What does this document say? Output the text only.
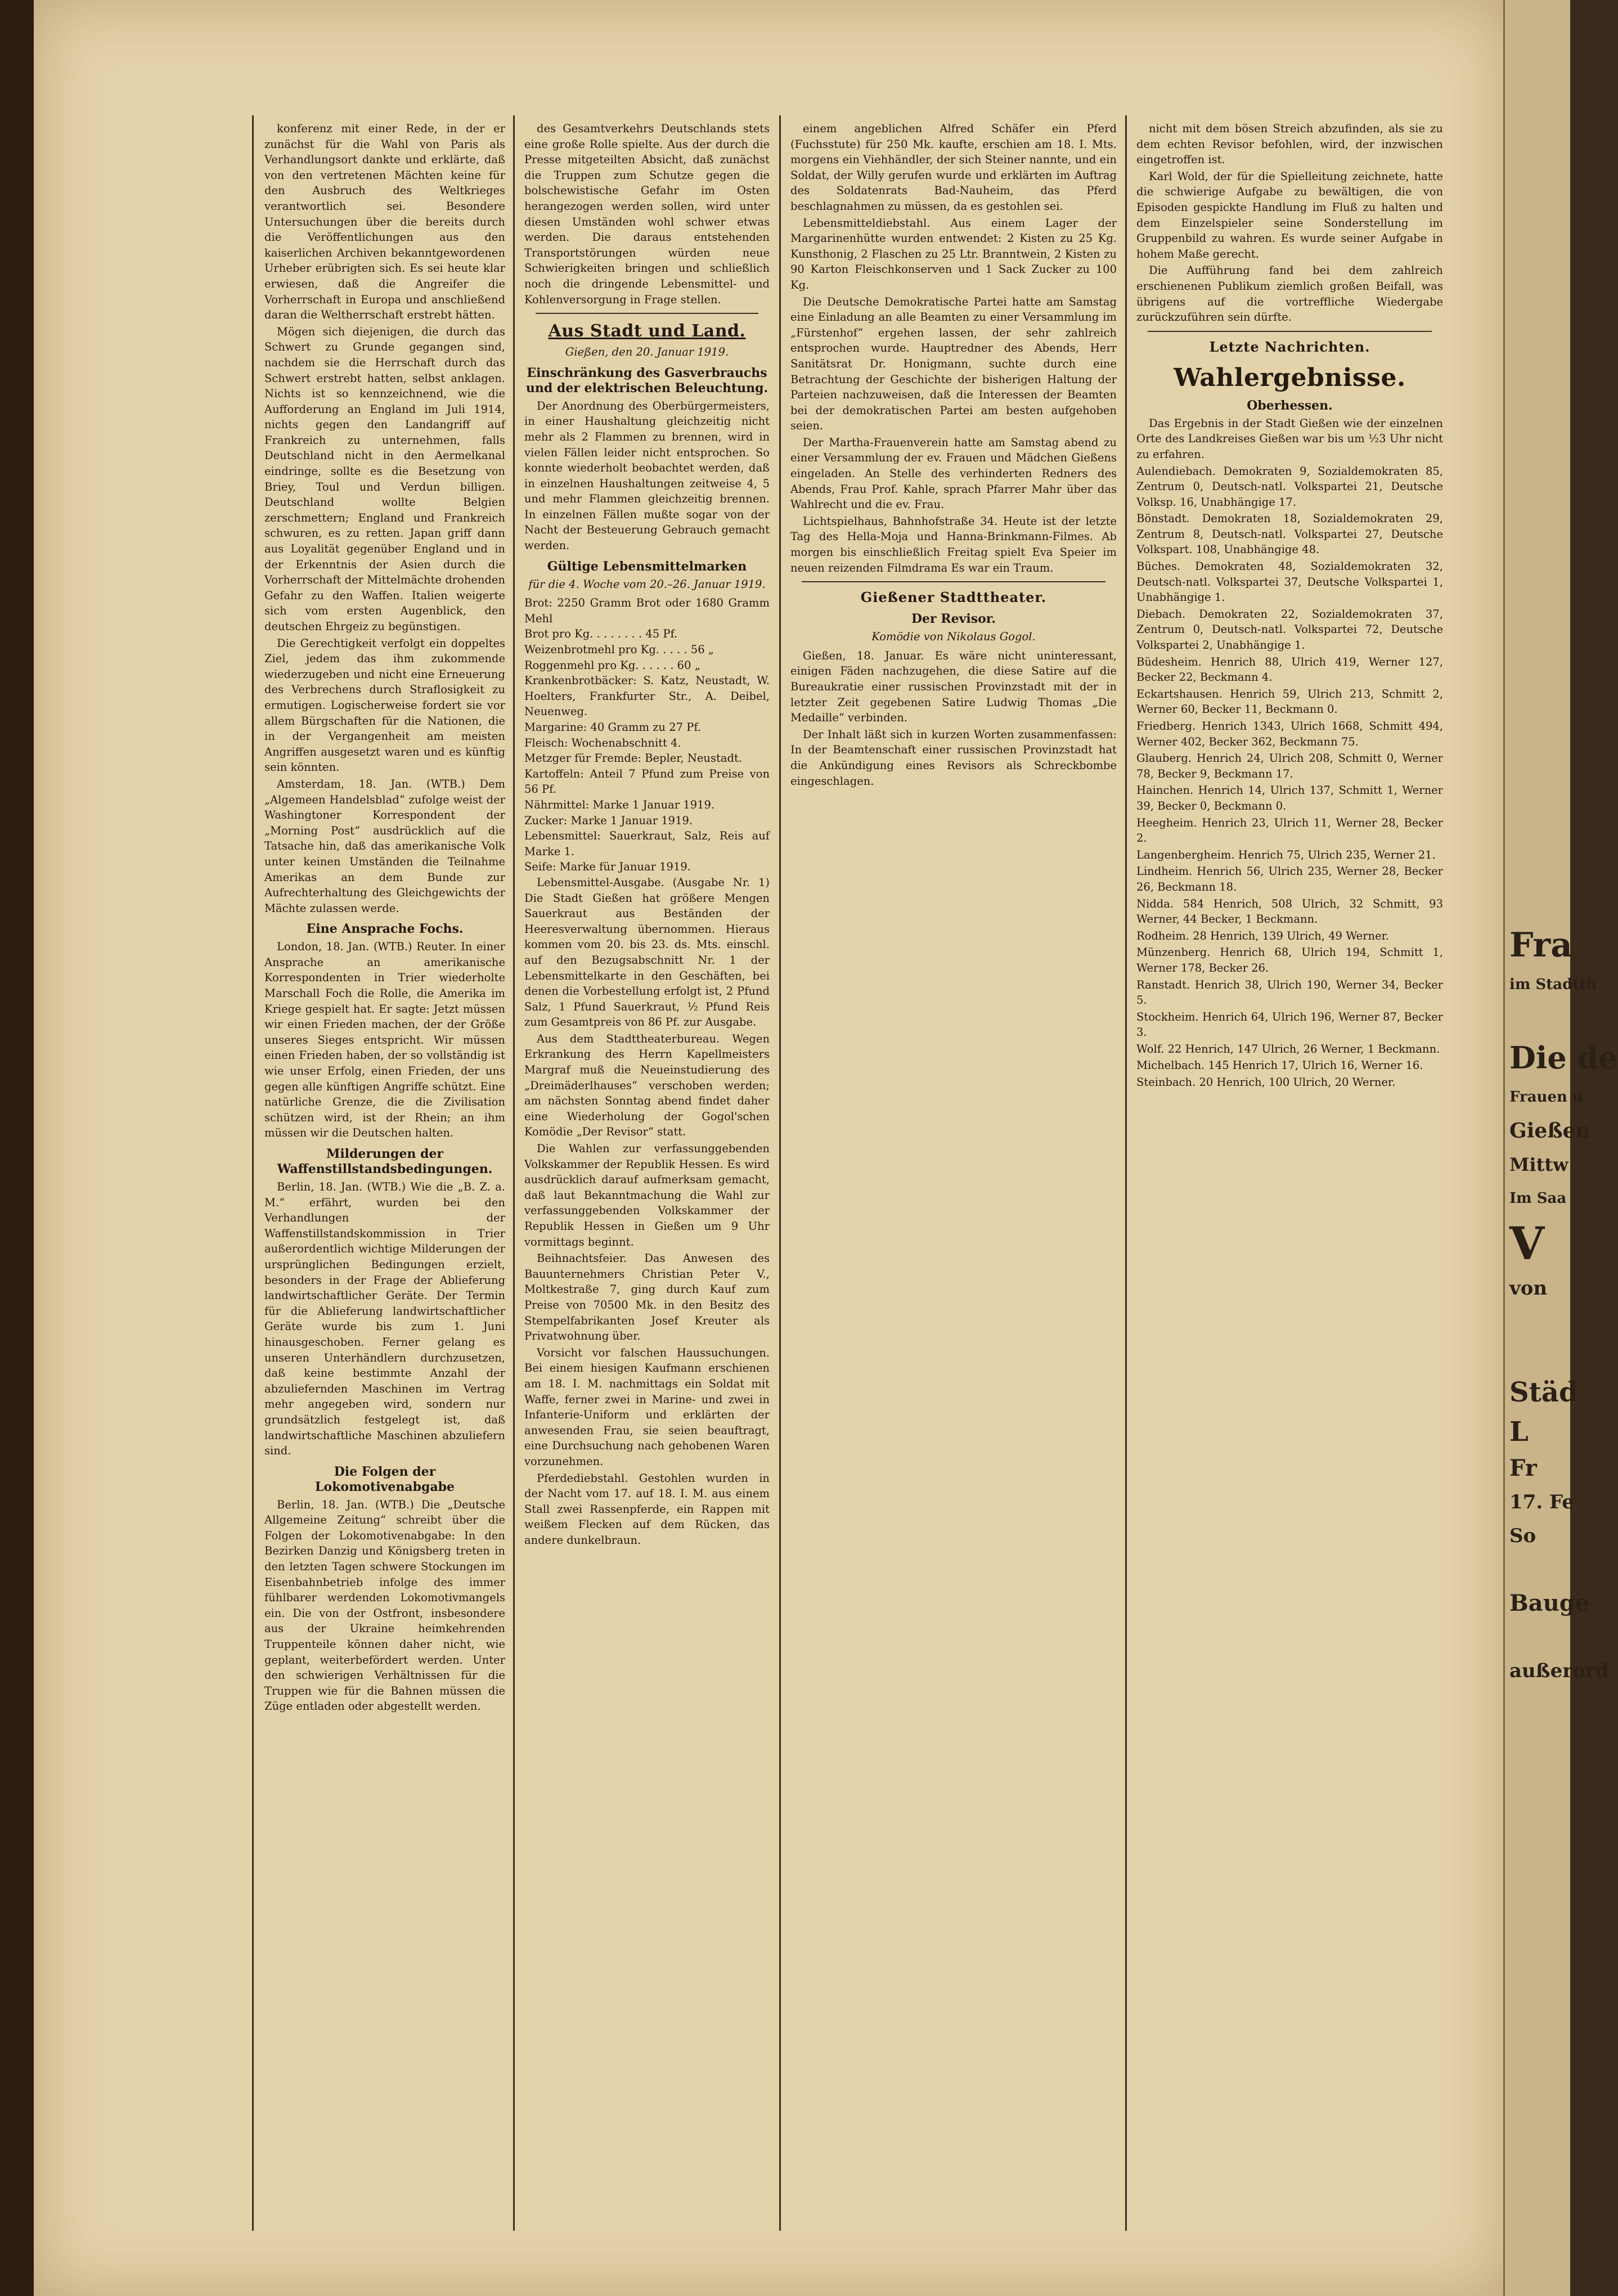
konferenz mit einer Rede, in der er zunächst für die Wahl von Paris als Verhandlungsort dankte und erklärte, daß von den vertretenen Mächten keine für den Ausbruch des Weltkrieges verantwortlich sei. Besondere Untersuchungen über die bereits durch die Veröffentlichungen aus den kaiserlichen Archiven bekanntgewordenen Urheber erübrigten sich. Es sei heute klar erwiesen, daß die Angreifer die Vorherrschaft in Europa und anschließend daran die Weltherrschaft erstrebt hätten.

Mögen sich diejenigen, die durch das Schwert zu Grunde gegangen sind, nachdem sie die Herrschaft durch das Schwert erstrebt hatten, selbst anklagen. Nichts ist so kennzeichnend, wie die Aufforderung an England im Juli 1914, nichts gegen den Landangriff auf Frankreich zu unternehmen, falls Deutschland nicht in den Aermelkanal eindringe, sollte es die Besetzung von Briey, Toul und Verdun billigen. Deutschland wollte Belgien zerschmettern; England und Frankreich schwuren, es zu retten. Japan griff dann aus Loyalität gegenüber England und in der Erkenntnis der Asien durch die Vorherrschaft der Mittelmächte drohenden Gefahr zu den Waffen. Italien weigerte sich vom ersten Augenblick, den deutschen Ehrgeiz zu begünstigen.

Die Gerechtigkeit verfolgt ein doppeltes Ziel, jedem das ihm zukommende wiederzugeben und nicht eine Erneuerung des Verbrechens durch Straflosigkeit zu ermutigen. Logischerweise fordert sie vor allem Bürgschaften für die Nationen, die in der Vergangenheit am meisten Angriffen ausgesetzt waren und es künftig sein könnten.

Amsterdam, 18. Jan. (WTB.) Dem „Algemeen Handelsblad“ zufolge weist der Washingtoner Korrespondent der „Morning Post“ ausdrücklich auf die Tatsache hin, daß das amerikanische Volk unter keinen Umständen die Teilnahme Amerikas an dem Bunde zur Aufrechterhaltung des Gleichgewichts der Mächte zulassen werde.

Eine Ansprache Fochs.

London, 18. Jan. (WTB.) Reuter. In einer Ansprache an amerikanische Korrespondenten in Trier wiederholte Marschall Foch die Rolle, die Amerika im Kriege gespielt hat. Er sagte: Jetzt müssen wir einen Frieden machen, der der Größe unseres Sieges entspricht. Wir müssen einen Frieden haben, der so vollständig ist wie unser Erfolg, einen Frieden, der uns gegen alle künftigen Angriffe schützt. Eine natürliche Grenze, die die Zivilisation schützen wird, ist der Rhein; an ihm müssen wir die Deutschen halten.

Milderungen der Waffenstillstandsbedingungen.

Berlin, 18. Jan. (WTB.) Wie die „B. Z. a. M.“ erfährt, wurden bei den Verhandlungen der Waffenstillstandskommission in Trier außerordentlich wichtige Milderungen der ursprünglichen Bedingungen erzielt, besonders in der Frage der Ablieferung landwirtschaftlicher Geräte. Der Termin für die Ablieferung landwirtschaftlicher Geräte wurde bis zum 1. Juni hinausgeschoben. Ferner gelang es unseren Unterhändlern durchzusetzen, daß keine bestimmte Anzahl der abzuliefernden Maschinen im Vertrag mehr angegeben wird, sondern nur grundsätzlich festgelegt ist, daß landwirtschaftliche Maschinen abzuliefern sind.

Die Folgen der Lokomotivenabgabe

Berlin, 18. Jan. (WTB.) Die „Deutsche Allgemeine Zeitung“ schreibt über die Folgen der Lokomotivenabgabe: In den Bezirken Danzig und Königsberg treten in den letzten Tagen schwere Stockungen im Eisenbahnbetrieb infolge des immer fühlbarer werdenden Lokomotivmangels ein. Die von der Ostfront, insbesondere aus der Ukraine heimkehrenden Truppenteile können daher nicht, wie geplant, weiterbefördert werden. Unter den schwierigen Verhältnissen für die Truppen wie für die Bahnen müssen die Züge entladen oder abgestellt werden.

des Gesamtverkehrs Deutschlands stets eine große Rolle spielte. Aus der durch die Presse mitgeteilten Absicht, daß zunächst die Truppen zum Schutze gegen die bolschewistische Gefahr im Osten herangezogen werden sollen, wird unter diesen Umständen wohl schwer etwas werden. Die daraus entstehenden Transportstörungen würden neue Schwierigkeiten bringen und schließlich noch die dringende Lebensmittel- und Kohlenversorgung in Frage stellen.

Aus Stadt und Land.
Gießen, den 20. Januar 1919.
Einschränkung des Gasverbrauchs und der elektrischen Beleuchtung.

Der Anordnung des Oberbürgermeisters, in einer Haushaltung gleichzeitig nicht mehr als 2 Flammen zu brennen, wird in vielen Fällen leider nicht entsprochen. So konnte wiederholt beobachtet werden, daß in einzelnen Haushaltungen zeitweise 4, 5 und mehr Flammen gleichzeitig brennen. In einzelnen Fällen mußte sogar von der Nacht der Besteuerung Gebrauch gemacht werden.

Gültige Lebensmittelmarken
für die 4. Woche vom 20.–26. Januar 1919.
Brot: 2250 Gramm Brot oder 1680 Gramm Mehl
Brot pro Kg. . . . . . . . 45 Pf.
Weizenbrotmehl pro Kg. . . . . 56 „
Roggenmehl pro Kg. . . . . . 60 „
Krankenbrotbäcker: S. Katz, Neustadt, W. Hoelters, Frankfurter Str., A. Deibel, Neuenweg.
Margarine: 40 Gramm zu 27 Pf.
Fleisch: Wochenabschnitt 4.
Metzger für Fremde: Bepler, Neustadt.
Kartoffeln: Anteil 7 Pfund zum Preise von 56 Pf.
Nährmittel: Marke 1 Januar 1919.
Zucker: Marke 1 Januar 1919.
Lebensmittel: Sauerkraut, Salz, Reis auf Marke 1.
Seife: Marke für Januar 1919.

Lebensmittel-Ausgabe. (Ausgabe Nr. 1) Die Stadt Gießen hat größere Mengen Sauerkraut aus Beständen der Heeresverwaltung übernommen. Hieraus kommen vom 20. bis 23. ds. Mts. einschl. auf den Bezugsabschnitt Nr. 1 der Lebensmittelkarte in den Geschäften, bei denen die Vorbestellung erfolgt ist, 2 Pfund Salz, 1 Pfund Sauerkraut, ½ Pfund Reis zum Gesamtpreis von 86 Pf. zur Ausgabe.

Aus dem Stadttheaterbureau. Wegen Erkrankung des Herrn Kapellmeisters Margraf muß die Neueinstudierung des „Dreimäderlhauses“ verschoben werden; am nächsten Sonntag abend findet daher eine Wiederholung der Gogol'schen Komödie „Der Revisor“ statt.

Die Wahlen zur verfassunggebenden Volkskammer der Republik Hessen. Es wird ausdrücklich darauf aufmerksam gemacht, daß laut Bekanntmachung die Wahl zur verfassunggebenden Volkskammer der Republik Hessen in Gießen um 9 Uhr vormittags beginnt.

Beihnachtsfeier. Das Anwesen des Bauunternehmers Christian Peter V., Moltkestraße 7, ging durch Kauf zum Preise von 70500 Mk. in den Besitz des Stempelfabrikanten Josef Kreuter als Privatwohnung über.

Vorsicht vor falschen Haussuchungen. Bei einem hiesigen Kaufmann erschienen am 18. I. M. nachmittags ein Soldat mit Waffe, ferner zwei in Marine- und zwei in Infanterie-Uniform und erklärten der anwesenden Frau, sie seien beauftragt, eine Durchsuchung nach gehobenen Waren vorzunehmen.

Pferdediebstahl. Gestohlen wurden in der Nacht vom 17. auf 18. I. M. aus einem Stall zwei Rassenpferde, ein Rappen mit weißem Flecken auf dem Rücken, das andere dunkelbraun.

einem angeblichen Alfred Schäfer ein Pferd (Fuchsstute) für 250 Mk. kaufte, erschien am 18. I. Mts. morgens ein Viehhändler, der sich Steiner nannte, und ein Soldat, der Willy gerufen wurde und erklärten im Auftrag des Soldatenrats Bad-Nauheim, das Pferd beschlagnahmen zu müssen, da es gestohlen sei.

Lebensmitteldiebstahl. Aus einem Lager der Margarinenhütte wurden entwendet: 2 Kisten zu 25 Kg. Kunsthonig, 2 Flaschen zu 25 Ltr. Branntwein, 2 Kisten zu 90 Karton Fleischkonserven und 1 Sack Zucker zu 100 Kg.

Die Deutsche Demokratische Partei hatte am Samstag eine Einladung an alle Beamten zu einer Versammlung im „Fürstenhof“ ergehen lassen, der sehr zahlreich entsprochen wurde. Hauptredner des Abends, Herr Sanitätsrat Dr. Honigmann, suchte durch eine Betrachtung der Geschichte der bisherigen Haltung der Parteien nachzuweisen, daß die Interessen der Beamten bei der demokratischen Partei am besten aufgehoben seien.

Der Martha-Frauenverein hatte am Samstag abend zu einer Versammlung der ev. Frauen und Mädchen Gießens eingeladen. An Stelle des verhinderten Redners des Abends, Frau Prof. Kahle, sprach Pfarrer Mahr über das Wahlrecht und die ev. Frau.

Lichtspielhaus, Bahnhofstraße 34. Heute ist der letzte Tag des Hella-Moja und Hanna-Brinkmann-Filmes. Ab morgen bis einschließlich Freitag spielt Eva Speier im neuen reizenden Filmdrama Es war ein Traum.

Gießener Stadttheater.
Der Revisor.
Komödie von Nikolaus Gogol.

Gießen, 18. Januar. Es wäre nicht uninteressant, einigen Fäden nachzugehen, die diese Satire auf die Bureaukratie einer russischen Provinzstadt mit der in letzter Zeit gegebenen Satire Ludwig Thomas „Die Medaille“ verbinden.

Der Inhalt läßt sich in kurzen Worten zusammenfassen: In der Beamtenschaft einer russischen Provinzstadt hat die Ankündigung eines Revisors als Schreckbombe eingeschlagen.

nicht mit dem bösen Streich abzufinden, als sie zu dem echten Revisor befohlen, wird, der inzwischen eingetroffen ist.

Karl Wold, der für die Spielleitung zeichnete, hatte die schwierige Aufgabe zu bewältigen, die von Episoden gespickte Handlung im Fluß zu halten und dem Einzelspieler seine Sonderstellung im Gruppenbild zu wahren. Es wurde seiner Aufgabe in hohem Maße gerecht.

Die Aufführung fand bei dem zahlreich erschienenen Publikum ziemlich großen Beifall, was übrigens auf die vortreffliche Wiedergabe zurückzuführen sein dürfte.

Letzte Nachrichten.
Wahlergebnisse.
Oberhessen.

Das Ergebnis in der Stadt Gießen wie der einzelnen Orte des Landkreises Gießen war bis um ½3 Uhr nicht zu erfahren.

Aulendiebach. Demokraten 9, Sozialdemokraten 85, Zentrum 0, Deutsch-natl. Volkspartei 21, Deutsche Volksp. 16, Unabhängige 17.

Bönstadt. Demokraten 18, Sozialdemokraten 29, Zentrum 8, Deutsch-natl. Volkspartei 27, Deutsche Volkspart. 108, Unabhängige 48.

Büches. Demokraten 48, Sozialdemokraten 32, Deutsch-natl. Volkspartei 37, Deutsche Volkspartei 1, Unabhängige 1.

Diebach. Demokraten 22, Sozialdemokraten 37, Zentrum 0, Deutsch-natl. Volkspartei 72, Deutsche Volkspartei 2, Unabhängige 1.

Büdesheim. Henrich 88, Ulrich 419, Werner 127, Becker 22, Beckmann 4.

Eckartshausen. Henrich 59, Ulrich 213, Schmitt 2, Werner 60, Becker 11, Beckmann 0.

Friedberg. Henrich 1343, Ulrich 1668, Schmitt 494, Werner 402, Becker 362, Beckmann 75.

Glauberg. Henrich 24, Ulrich 208, Schmitt 0, Werner 78, Becker 9, Beckmann 17.

Hainchen. Henrich 14, Ulrich 137, Schmitt 1, Werner 39, Becker 0, Beckmann 0.

Heegheim. Henrich 23, Ulrich 11, Werner 28, Becker 2.

Langenbergheim. Henrich 75, Ulrich 235, Werner 21.

Lindheim. Henrich 56, Ulrich 235, Werner 28, Becker 26, Beckmann 18.

Nidda. 584 Henrich, 508 Ulrich, 32 Schmitt, 93 Werner, 44 Becker, 1 Beckmann.

Rodheim. 28 Henrich, 139 Ulrich, 49 Werner.

Münzenberg. Henrich 68, Ulrich 194, Schmitt 1, Werner 178, Becker 26.

Ranstadt. Henrich 38, Ulrich 190, Werner 34, Becker 5.

Stockheim. Henrich 64, Ulrich 196, Werner 87, Becker 3.

Wolf. 22 Henrich, 147 Ulrich, 26 Werner, 1 Beckmann.

Michelbach. 145 Henrich 17, Ulrich 16, Werner 16.

Steinbach. 20 Henrich, 100 Ulrich, 20 Werner.

Fra
im Stadtth
Die de
Frauen u
Gießen
Mittw
Im Saa
V
von
Städ
L
Fr
17. Fe
So
Bauge
außerord
